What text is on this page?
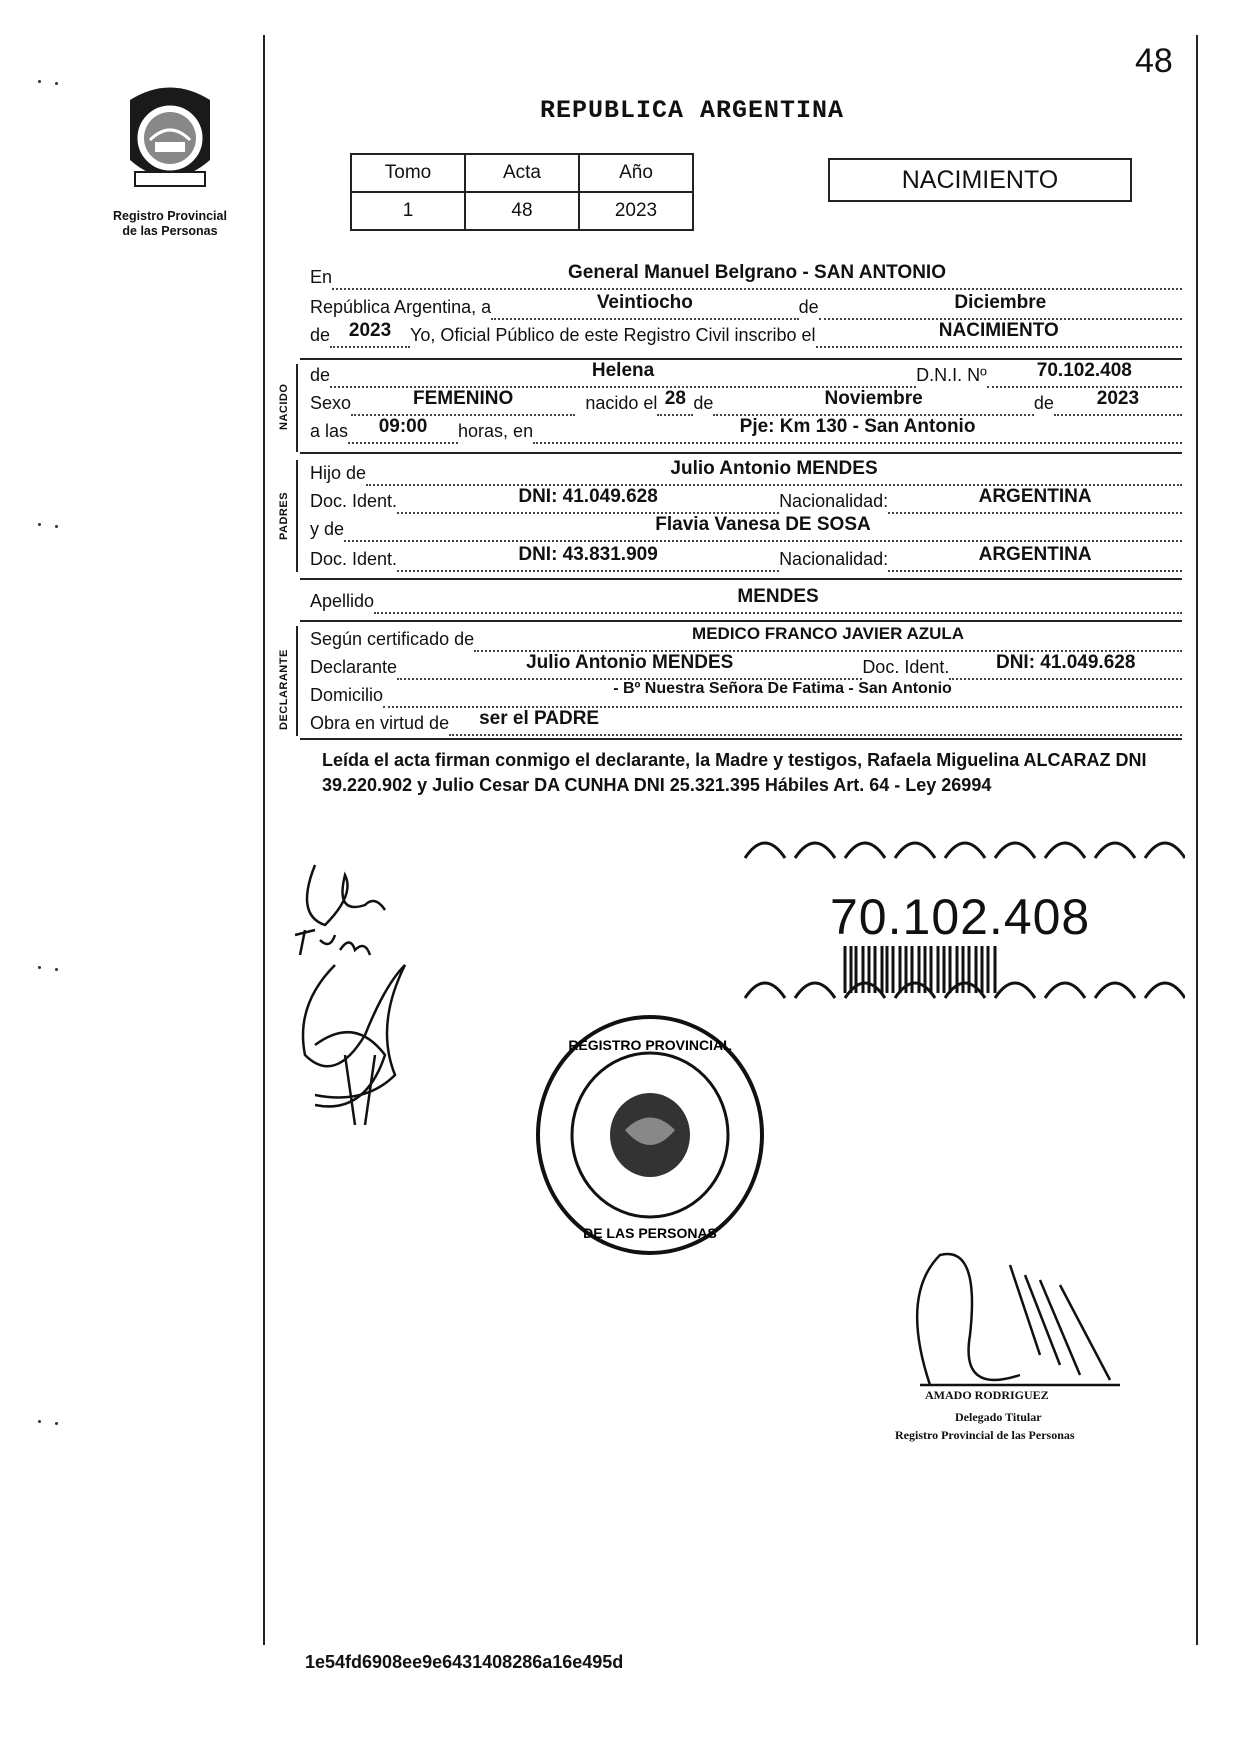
48
Registro Provincial
de las Personas
REPUBLICA ARGENTINA
Tomo	Acta	Año
1	48	2023
NACIMIENTO
En	General Manuel Belgrano - SAN ANTONIO
República Argentina, a	Veintiocho	de	Diciembre
de 2023	Yo, Oficial Público de este Registro Civil inscribo el	NACIMIENTO
NACIDO
de	Helena	D.N.I. Nº	70.102.408
Sexo	FEMENINO	nacido el 28 de	Noviembre	de	2023
a las	09:00	horas, en	Pje: Km 130 - San Antonio
PADRES
Hijo de	Julio Antonio MENDES
Doc. Ident.	DNI: 41.049.628	Nacionalidad:	ARGENTINA
y de	Flavia Vanesa DE SOSA
Doc. Ident.	DNI: 43.831.909	Nacionalidad:	ARGENTINA
Apellido	MENDES
DECLARANTE
Según certificado de	MEDICO FRANCO JAVIER AZULA
Declarante	Julio Antonio MENDES	Doc. Ident.	DNI: 41.049.628
Domicilio	- Bº Nuestra Señora De Fatima - San Antonio
Obra en virtud de ser el PADRE
Leída el acta firman conmigo el declarante, la Madre y testigos, Rafaela Miguelina ALCARAZ DNI 39.220.902 y Julio Cesar DA CUNHA DNI 25.321.395 Hábiles Art. 64 - Ley 26994
70.102.408
REGISTRO PROVINCIAL
DE LAS PERSONAS
AMADO RODRIGUEZ
Delegado Titular
Registro Provincial de las Personas
1e54fd6908ee9e6431408286a16e495d
